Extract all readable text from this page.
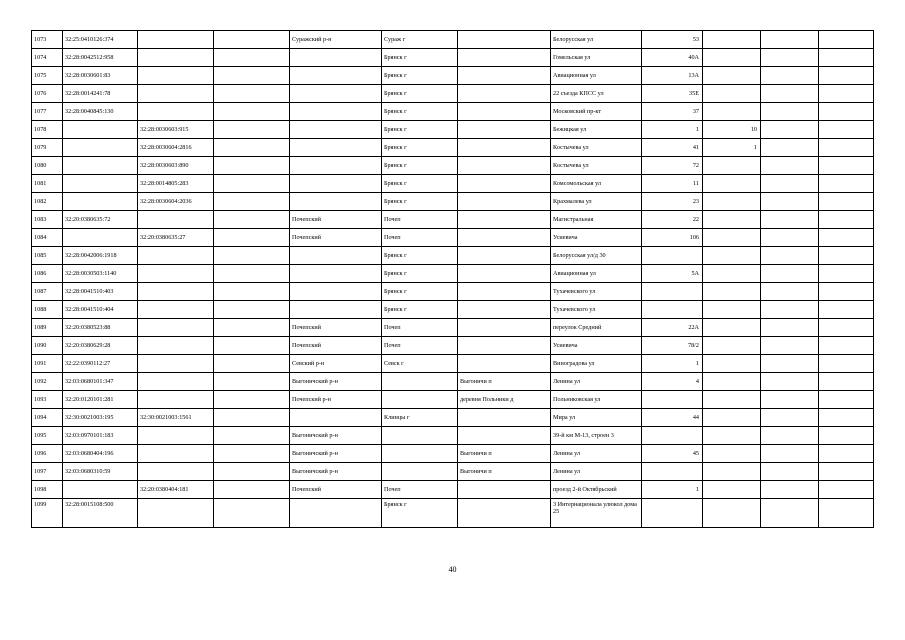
1073	32:25:0410126:374			Суражский р-н	Сураж г		Белорусская ул	53			
1074	32:28:0042512:958				Брянск г		Гомельская ул	40А			
1075	32:28:0030601:83				Брянск г		Авиационная ул	13А			
1076	32:28:0014241:78				Брянск г		22 съезда КПСС ул	35Е			
1077	32:28:0040845:130				Брянск г		Московский пр-кт	37			
1078		32:28:0030603:915			Брянск г		Бежицкая ул	1	10		
1079		32:28:0030604:2816			Брянск г		Костычева ул	41	1		
1080		32:28:0030603:890			Брянск г		Костычева ул	72			
1081		32:28:0014805:283			Брянск г		Комсомольская ул	11			
1082		32:28:0030604:2036			Брянск г		Крахмалева ул	23			
1083	32:20:0380635:72			Почепский	Почеп		Магистральная	22			
1084		32:20:0380635:27		Почепский	Почеп		Усиевича	106			
1085	32:28:0042006:1918				Брянск г		Белорусская ул/д 30				
1086	32:28:0030503:1140				Брянск г		Авиационная ул	5А			
1087	32:28:0041510:403				Брянск г		Тухачевского ул				
1088	32:28:0041510:404				Брянск г		Тухачевского ул				
1089	32:20:0380523:88			Почепский	Почеп		переулок Средний	22А			
1090	32:20:0380629:28			Почепский	Почеп		Усиевича	78/2			
1091	32:22:0390112:27			Севский р-н	Севск г		Виноградова ул	1			
1092	32:03:0680101:347			Выгоничский р-н		Выгоничи п	Ленина ул	4			
1093	32:20:0120101:281			Почепский р-н		деревня Польники д	Польниковская ул				
1094	32:30:0021003:195	32:30:0021003:1561			Клинцы г		Мира ул	44			
1095	32:03:0970101:183			Выгоничский р-н			39-й км М-13, строен 3				
1096	32:03:0680404:196			Выгоничский р-н		Выгоничи п	Ленина ул	45			
1097	32:03:0680310:59			Выгоничский р-н		Выгоничи п	Ленина ул				
1098		32:20:0380404:181		Почепский	Почеп		проезд 2-й Октябрьский	1			
1099	32:28:0015108:500				Брянск г		3 Интернационала улюкол дома 25				
40
